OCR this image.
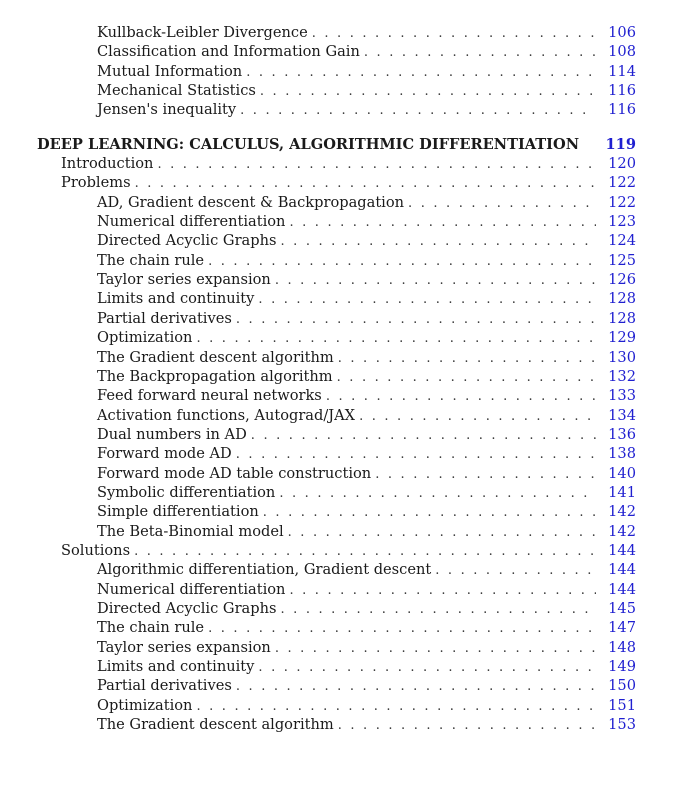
Kullback-Leibler Divergence . . .	106
Classification and Information Gain . . .	108
Mutual Information . . .	114
Mechanical Statistics . . .	116
Jensen's inequality . . .	116
DEEP LEARNING: CALCULUS, ALGORITHMIC DIFFERENTIATION	119
Introduction . . .	120
Problems . . .	122
AD, Gradient descent & Backpropagation . . .	122
Numerical differentiation . . .	123
Directed Acyclic Graphs . . .	124
The chain rule . . .	125
Taylor series expansion . . .	126
Limits and continuity . . .	128
Partial derivatives . . .	128
Optimization . . .	129
The Gradient descent algorithm . . .	130
The Backpropagation algorithm . . .	132
Feed forward neural networks . . .	133
Activation functions, Autograd/JAX . . .	134
Dual numbers in AD . . .	136
Forward mode AD . . .	138
Forward mode AD table construction . . .	140
Symbolic differentiation . . .	141
Simple differentiation . . .	142
The Beta-Binomial model . . .	142
Solutions . . .	144
Algorithmic differentiation, Gradient descent . . .	144
Numerical differentiation . . .	144
Directed Acyclic Graphs . . .	145
The chain rule . . .	147
Taylor series expansion . . .	148
Limits and continuity . . .	149
Partial derivatives . . .	150
Optimization . . .	151
The Gradient descent algorithm . . .	153
